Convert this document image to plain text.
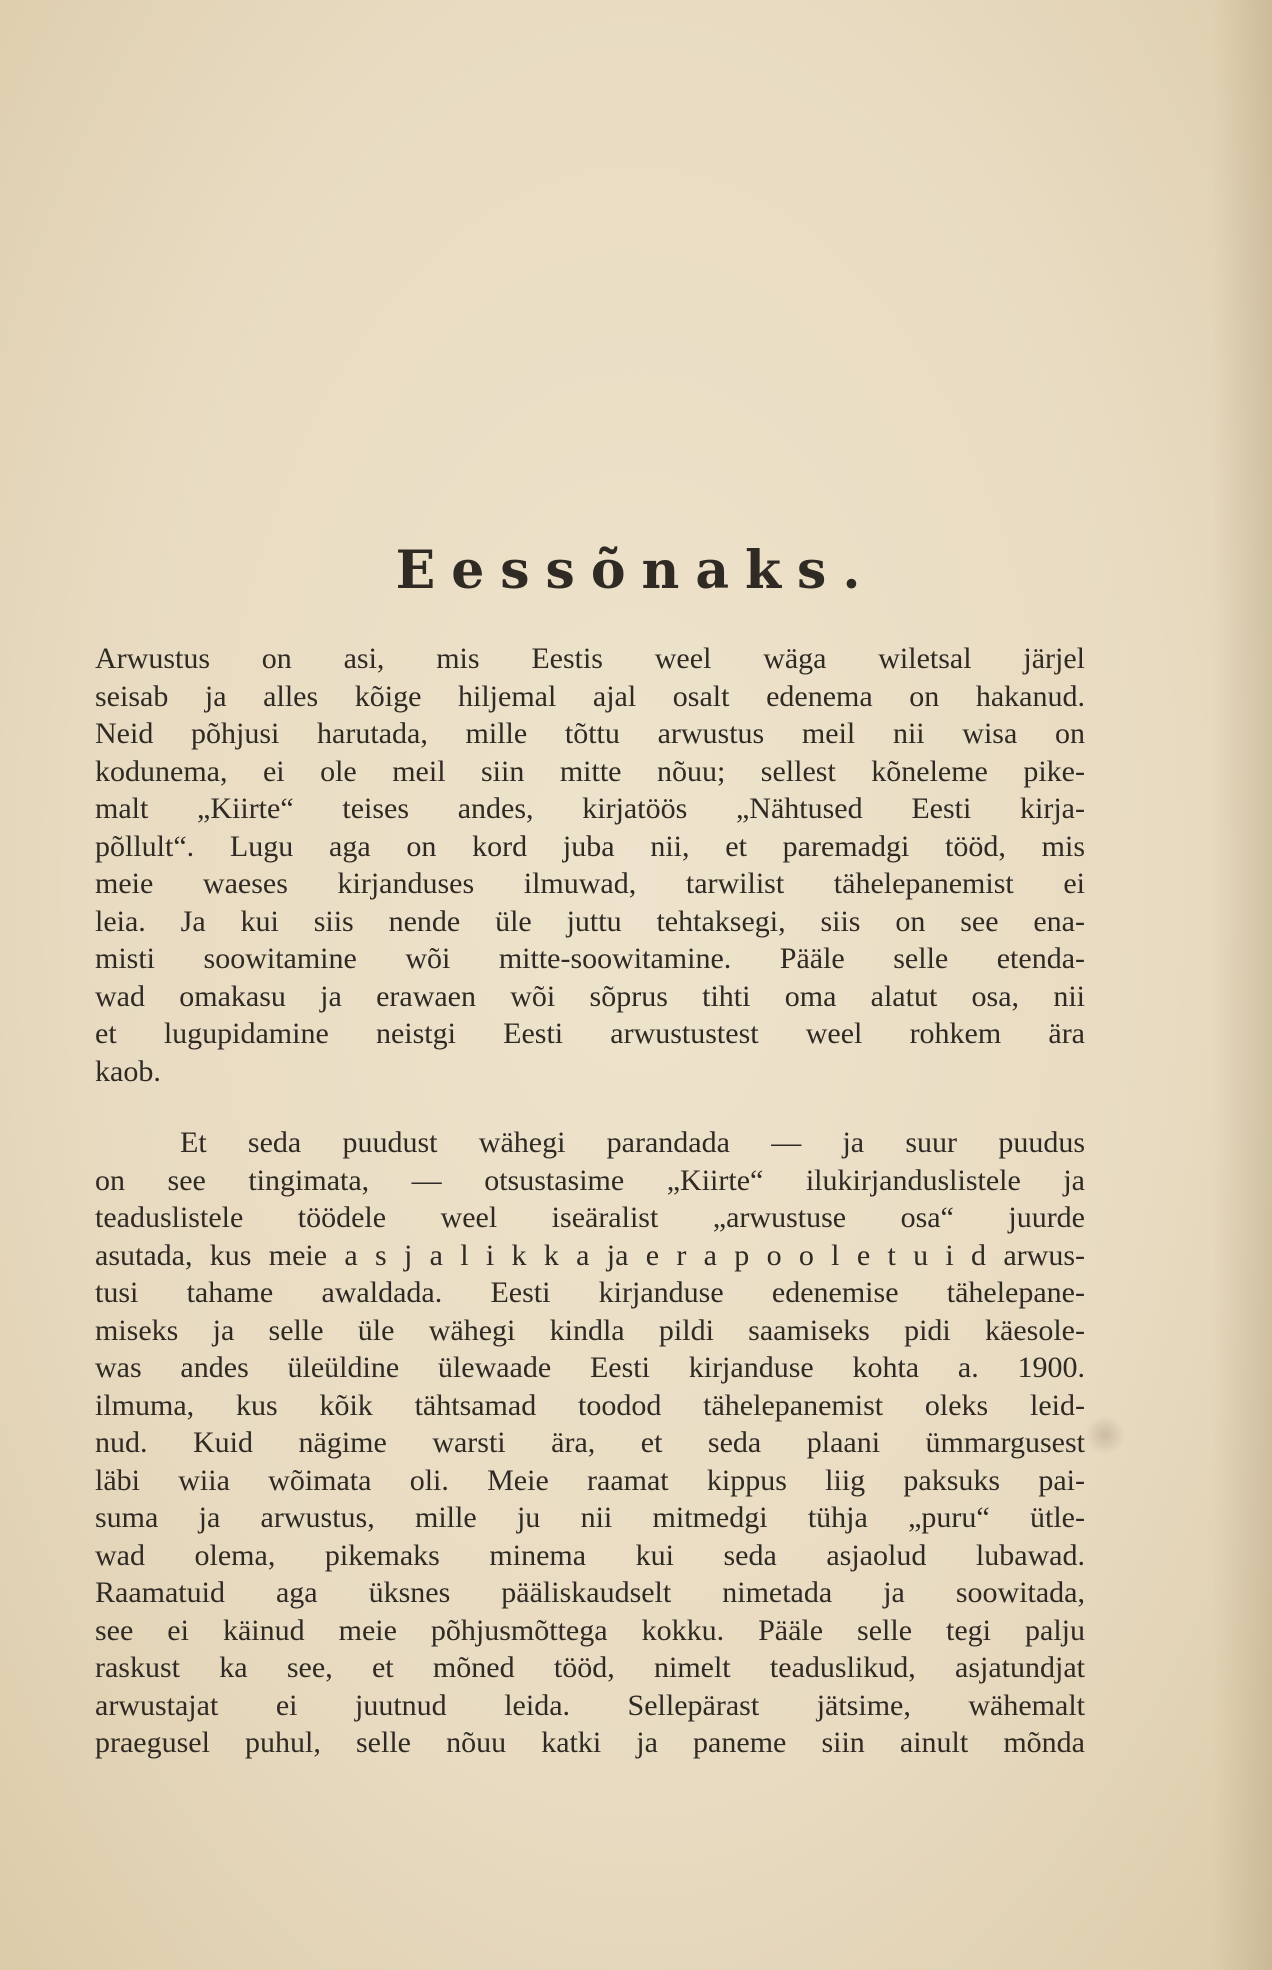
Eessõnaks.

Arwustus on asi, mis Eestis weel wäga wiletsal järjel
seisab ja alles kõige hiljemal ajal osalt edenema on hakanud.
Neid põhjusi harutada, mille tõttu arwustus meil nii wisa on
kodunema, ei ole meil siin mitte nõuu; sellest kõneleme pike-
malt „Kiirte“ teises andes, kirjatöös „Nähtused Eesti kirja-
põllult“. Lugu aga on kord juba nii, et paremadgi tööd, mis
meie waeses kirjanduses ilmuwad, tarwilist tähelepanemist ei
leia. Ja kui siis nende üle juttu tehtaksegi, siis on see ena-
misti soowitamine wõi mitte-soowitamine. Pääle selle etenda-
wad omakasu ja erawaen wõi sõprus tihti oma alatut osa, nii
et lugupidamine neistgi Eesti arwustustest weel rohkem ära
kaob.

Et seda puudust wähegi parandada — ja suur puudus
on see tingimata, — otsustasime „Kiirte“ ilukirjanduslistele ja
teaduslistele töödele weel iseäralist „arwustuse osa“ juurde
asutada, kus meie a s j a l i k k a ja e r a p o o l e t u i d arwus-
tusi tahame awaldada. Eesti kirjanduse edenemise tähelepane-
miseks ja selle üle wähegi kindla pildi saamiseks pidi käesole-
was andes üleüldine ülewaade Eesti kirjanduse kohta a. 1900.
ilmuma, kus kõik tähtsamad toodod tähelepanemist oleks leid-
nud. Kuid nägime warsti ära, et seda plaani ümmargusest
läbi wiia wõimata oli. Meie raamat kippus liig paksuks pai-
suma ja arwustus, mille ju nii mitmedgi tühja „puru“ ütle-
wad olema, pikemaks minema kui seda asjaolud lubawad.
Raamatuid aga üksnes pääliskaudselt nimetada ja soowitada,
see ei käinud meie põhjusmõttega kokku. Pääle selle tegi palju
raskust ka see, et mõned tööd, nimelt teaduslikud, asjatundjat
arwustajat ei juutnud leida. Sellepärast jätsime, wähemalt
praegusel puhul, selle nõuu katki ja paneme siin ainult mõnda
